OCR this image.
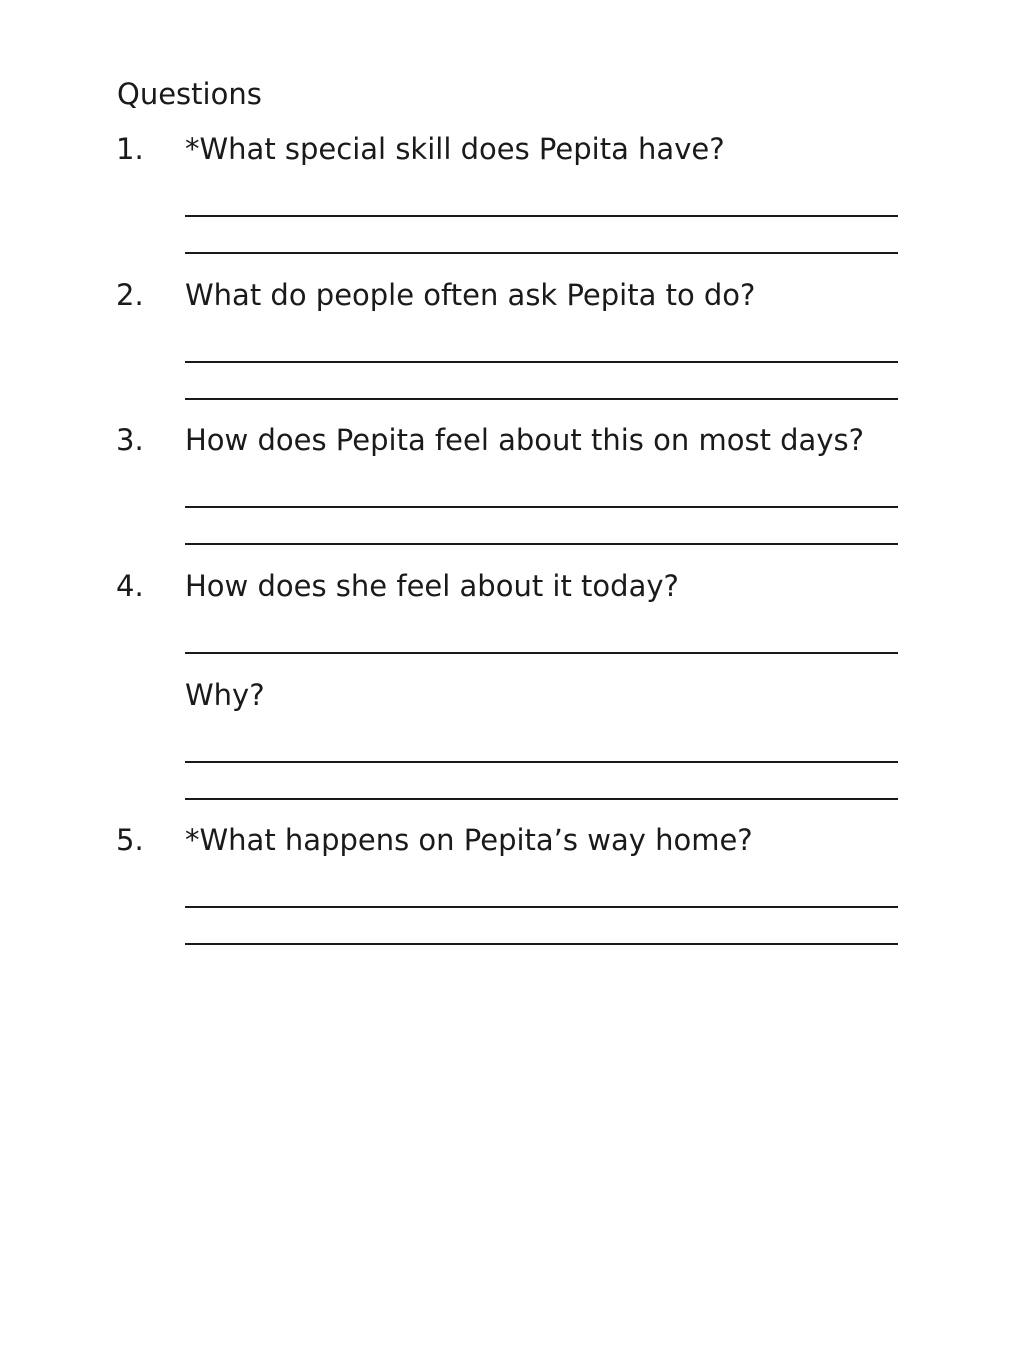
Questions
1. *What special skill does Pepita have?
2. What do people often ask Pepita to do?
3. How does Pepita feel about this on most days?
4. How does she feel about it today?
Why?
5. *What happens on Pepita’s way home?
